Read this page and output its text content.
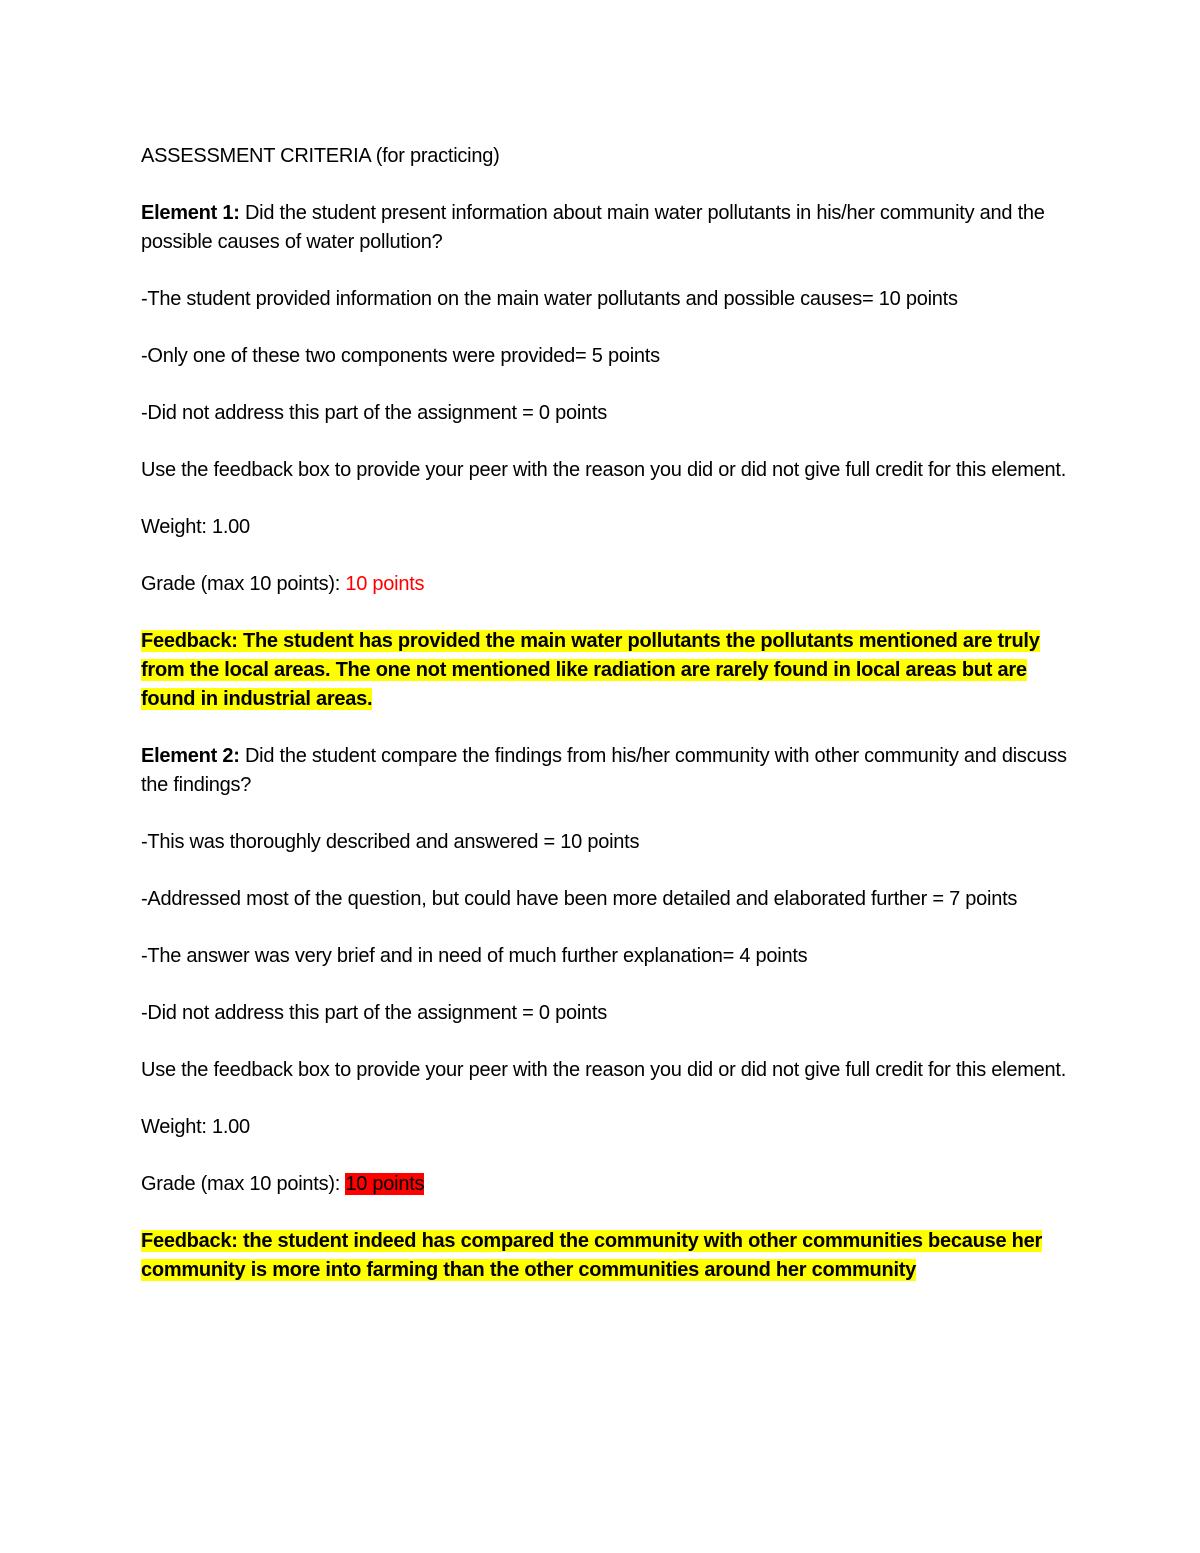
ASSESSMENT CRITERIA (for practicing)

Element 1: Did the student present information about main water pollutants in his/her community and the possible causes of water pollution?

-The student provided information on the main water pollutants and possible causes= 10 points

-Only one of these two components were provided= 5 points

-Did not address this part of the assignment = 0 points

Use the feedback box to provide your peer with the reason you did or did not give full credit for this element.

Weight: 1.00

Grade (max 10 points): 10 points

Feedback: The student has provided the main water pollutants the pollutants mentioned are truly from the local areas. The one not mentioned like radiation are rarely found in local areas but are found in industrial areas.

Element 2: Did the student compare the findings from his/her community with other community and discuss the findings?

-This was thoroughly described and answered = 10 points

-Addressed most of the question, but could have been more detailed and elaborated further = 7 points

-The answer was very brief and in need of much further explanation= 4 points

-Did not address this part of the assignment = 0 points

Use the feedback box to provide your peer with the reason you did or did not give full credit for this element.

Weight: 1.00

Grade (max 10 points): 10 points

Feedback: the student indeed has compared the community with other communities because her community is more into farming than the other communities around her community
